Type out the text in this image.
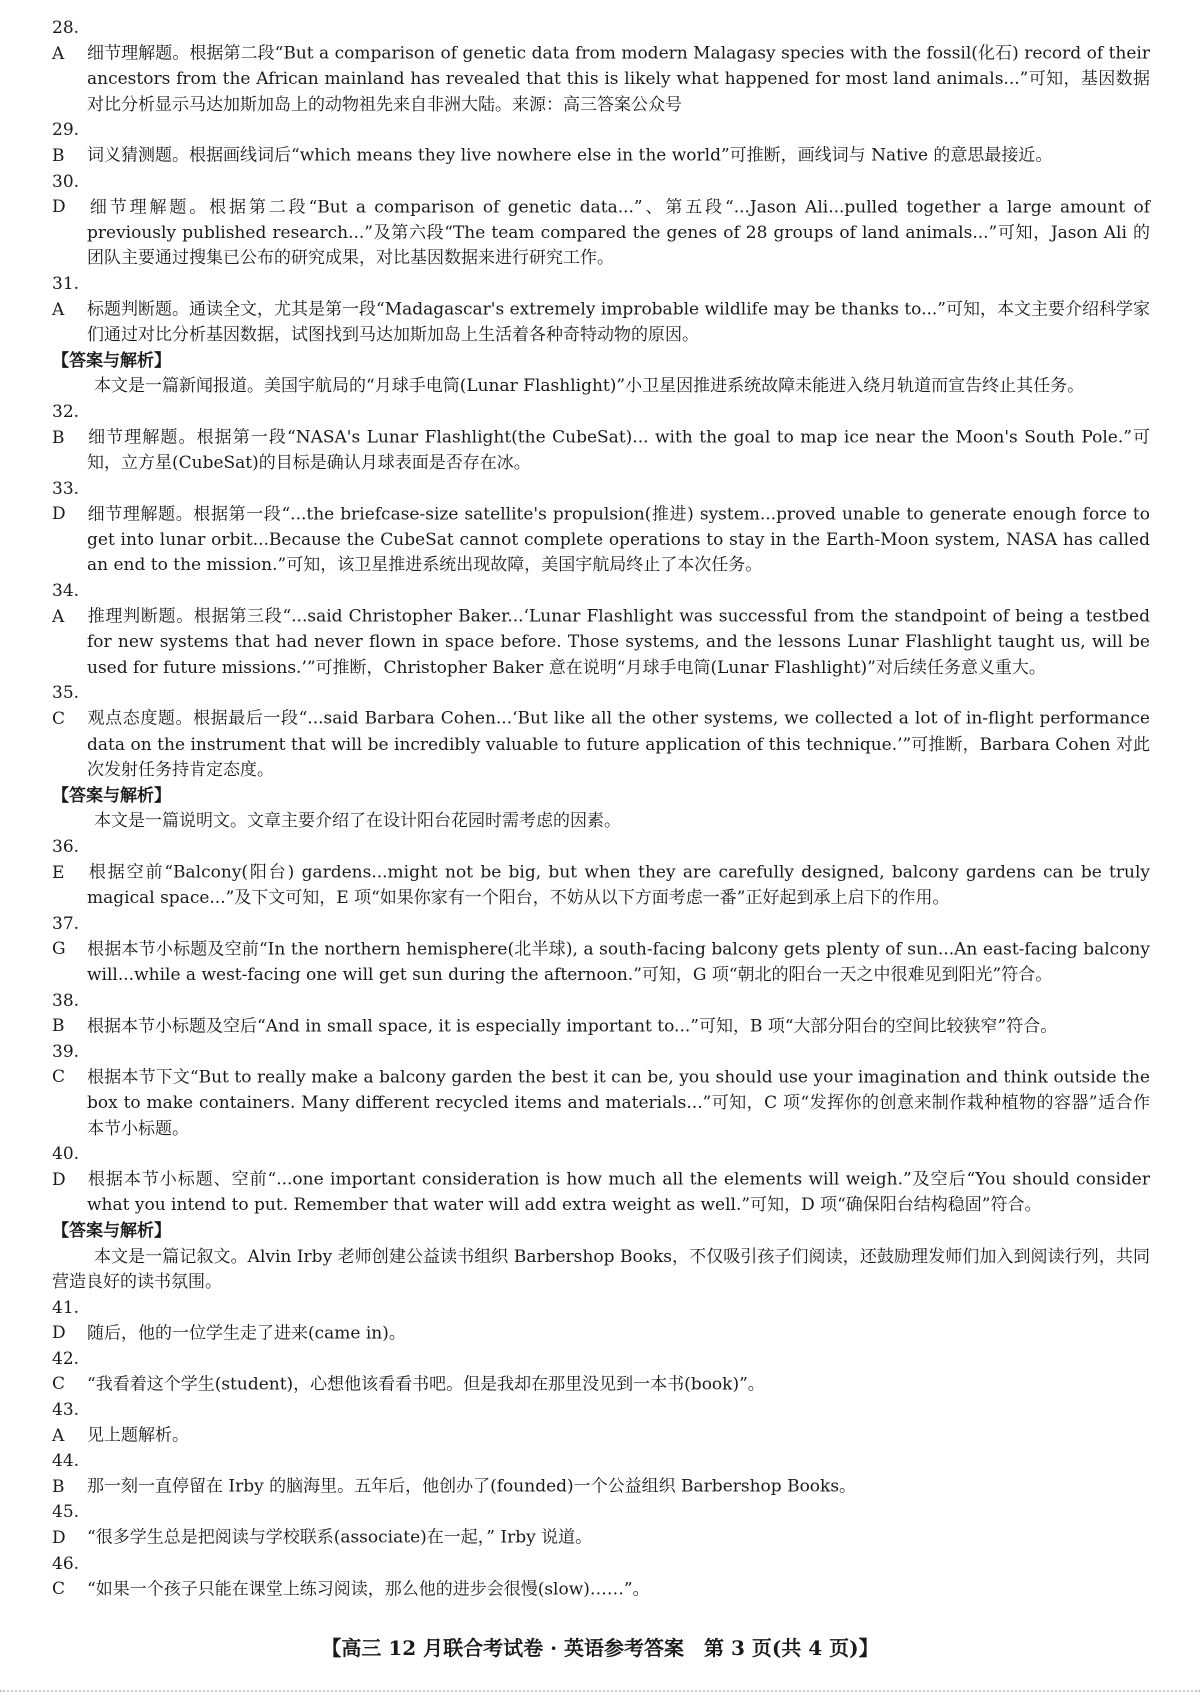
28. A 细节理解题。根据第二段“But a comparison of genetic data from modern Malagasy species with the fossil(化石) record of their ancestors from the African mainland has revealed that this is likely what happened for most land animals...”可知，基因数据对比分析显示马达加斯加岛上的动物祖先来自非洲大陆。来源：高三答案公众号

29. B 词义猜测题。根据画线词后“which means they live nowhere else in the world”可推断，画线词与 Native 的意思最接近。

30. D 细节理解题。根据第二段“But a comparison of genetic data...”、第五段“...Jason Ali...pulled together a large amount of previously published research...”及第六段“The team compared the genes of 28 groups of land animals...”可知，Jason Ali 的团队主要通过搜集已公布的研究成果，对比基因数据来进行研究工作。

31. A 标题判断题。通读全文，尤其是第一段“Madagascar's extremely improbable wildlife may be thanks to...”可知，本文主要介绍科学家们通过对比分析基因数据，试图找到马达加斯加岛上生活着各种奇特动物的原因。

【答案与解析】

本文是一篇新闻报道。美国宇航局的“月球手电筒(Lunar Flashlight)”小卫星因推进系统故障未能进入绕月轨道而宣告终止其任务。

32. B 细节理解题。根据第一段“NASA's Lunar Flashlight(the CubeSat)... with the goal to map ice near the Moon's South Pole.”可知，立方星(CubeSat)的目标是确认月球表面是否存在冰。

33. D 细节理解题。根据第一段“...the briefcase-size satellite's propulsion(推进) system...proved unable to generate enough force to get into lunar orbit...Because the CubeSat cannot complete operations to stay in the Earth-Moon system, NASA has called an end to the mission.”可知，该卫星推进系统出现故障，美国宇航局终止了本次任务。

34. A 推理判断题。根据第三段“...said Christopher Baker...‘Lunar Flashlight was successful from the standpoint of being a testbed for new systems that had never flown in space before. Those systems, and the lessons Lunar Flashlight taught us, will be used for future missions.’”可推断，Christopher Baker 意在说明“月球手电筒(Lunar Flashlight)”对后续任务意义重大。

35. C 观点态度题。根据最后一段“...said Barbara Cohen...‘But like all the other systems, we collected a lot of in-flight performance data on the instrument that will be incredibly valuable to future application of this technique.’”可推断，Barbara Cohen 对此次发射任务持肯定态度。

【答案与解析】

本文是一篇说明文。文章主要介绍了在设计阳台花园时需考虑的因素。

36. E 根据空前“Balcony(阳台) gardens...might not be big, but when they are carefully designed, balcony gardens can be truly magical space...”及下文可知，E 项“如果你家有一个阳台，不妨从以下方面考虑一番”正好起到承上启下的作用。

37. G 根据本节小标题及空前“In the northern hemisphere(北半球), a south-facing balcony gets plenty of sun...An east-facing balcony will...while a west-facing one will get sun during the afternoon.”可知，G 项“朝北的阳台一天之中很难见到阳光”符合。

38. B 根据本节小标题及空后“And in small space, it is especially important to...”可知，B 项“大部分阳台的空间比较狭窄”符合。

39. C 根据本节下文“But to really make a balcony garden the best it can be, you should use your imagination and think outside the box to make containers. Many different recycled items and materials...”可知，C 项“发挥你的创意来制作栽种植物的容器”适合作本节小标题。

40. D 根据本节小标题、空前“...one important consideration is how much all the elements will weigh.”及空后“You should consider what you intend to put. Remember that water will add extra weight as well.”可知，D 项“确保阳台结构稳固”符合。

【答案与解析】

本文是一篇记叙文。Alvin Irby 老师创建公益读书组织 Barbershop Books，不仅吸引孩子们阅读，还鼓励理发师们加入到阅读行列，共同营造良好的读书氛围。

41. D 随后，他的一位学生走了进来(came in)。

42. C “我看着这个学生(student)，心想他该看看书吧。但是我却在那里没见到一本书(book)”。

43. A 见上题解析。

44. B 那一刻一直停留在 Irby 的脑海里。五年后，他创办了(founded)一个公益组织 Barbershop Books。

45. D “很多学生总是把阅读与学校联系(associate)在一起，” Irby 说道。

46. C “如果一个孩子只能在课堂上练习阅读，那么他的进步会很慢(slow)……”。

【高三 12 月联合考试卷 · 英语参考答案　第 3 页(共 4 页)】
